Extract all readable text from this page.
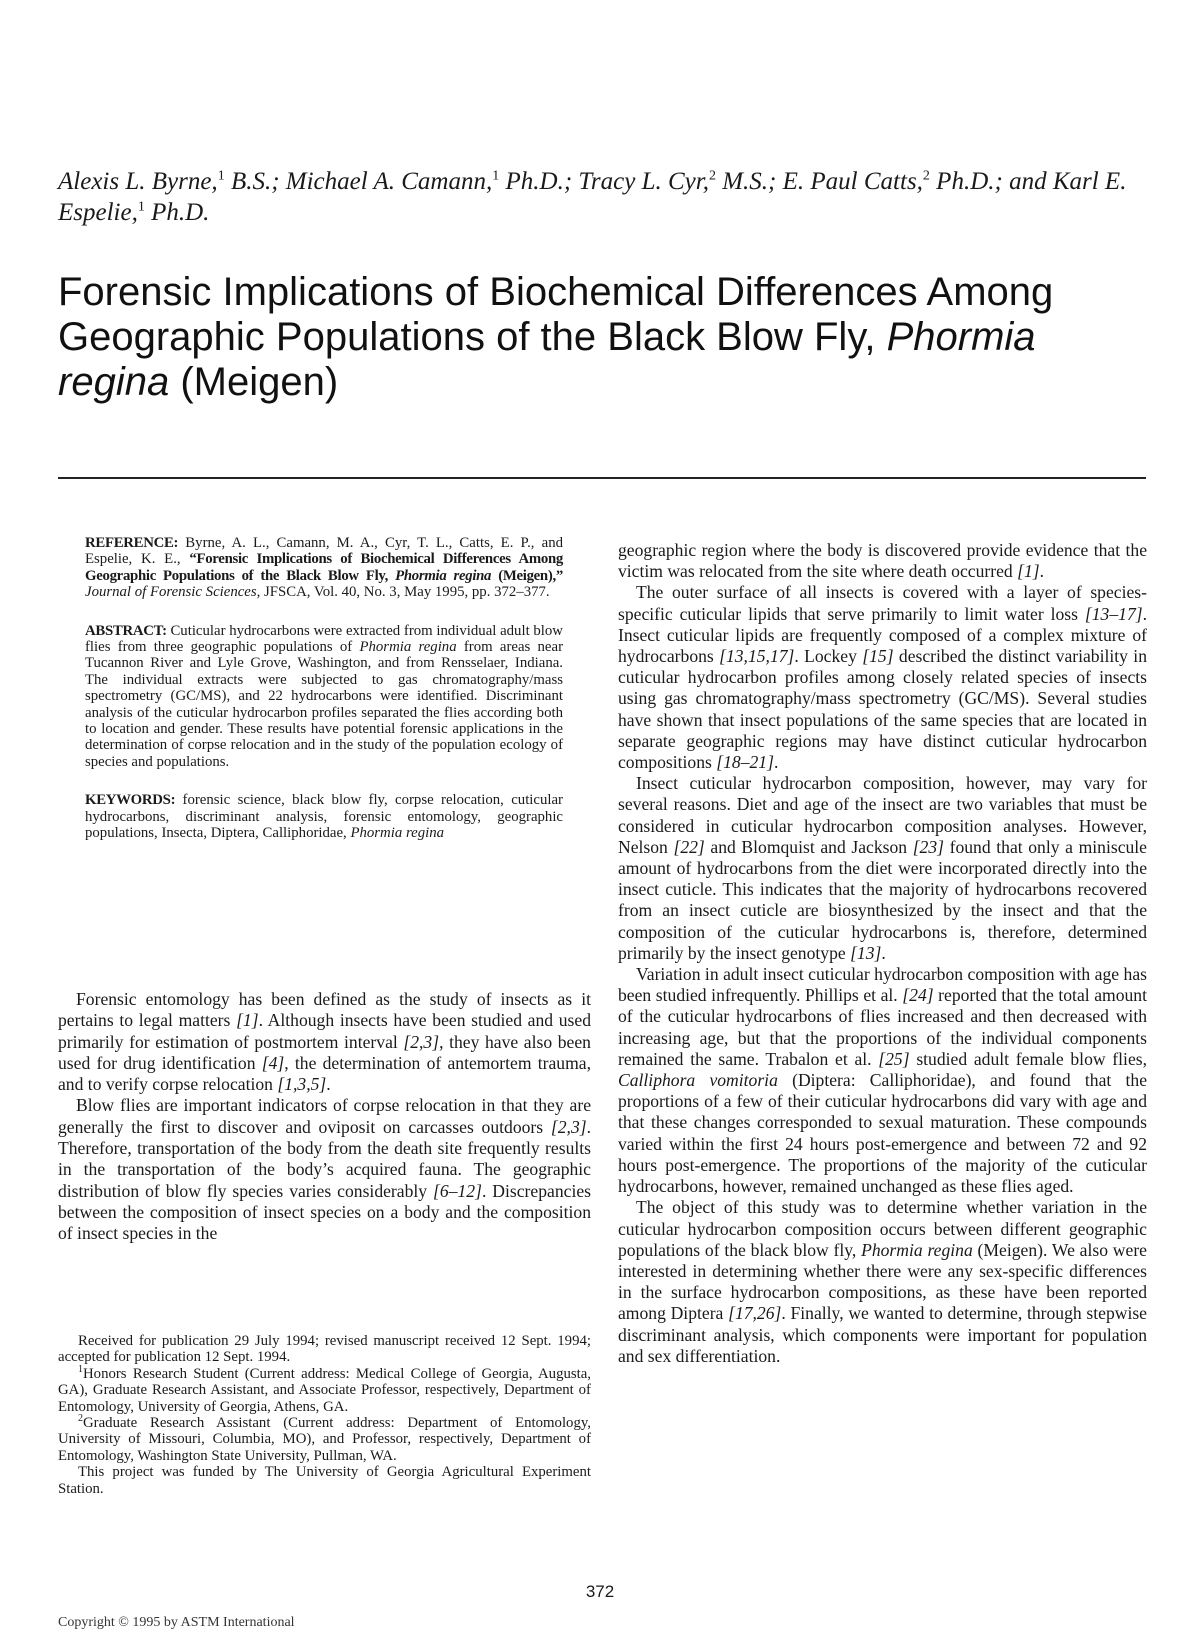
Alexis L. Byrne,$^1$ B.S.; Michael A. Camann,$^1$ Ph.D.; Tracy L. Cyr,$^2$ M.S.; E. Paul Catts,$^2$ Ph.D.; and Karl E. Espelie,$^1$ Ph.D.

Forensic Implications of Biochemical Differences Among Geographic Populations of the Black Blow Fly, Phormia regina (Meigen)

REFERENCE: Byrne, A. L., Camann, M. A., Cyr, T. L., Catts, E. P., and Espelie, K. E., “Forensic Implications of Biochemical Differences Among Geographic Populations of the Black Blow Fly, Phormia regina (Meigen),” Journal of Forensic Sciences, JFSCA, Vol. 40, No. 3, May 1995, pp. 372–377.

ABSTRACT: Cuticular hydrocarbons were extracted from individual adult blow flies from three geographic populations of Phormia regina from areas near Tucannon River and Lyle Grove, Washington, and from Rensselaer, Indiana. The individual extracts were subjected to gas chromatography/mass spectrometry (GC/MS), and 22 hydrocarbons were identified. Discriminant analysis of the cuticular hydrocarbon profiles separated the flies according both to location and gender. These results have potential forensic applications in the determination of corpse relocation and in the study of the population ecology of species and populations.

KEYWORDS: forensic science, black blow fly, corpse relocation, cuticular hydrocarbons, discriminant analysis, forensic entomology, geographic populations, Insecta, Diptera, Calliphoridae, Phormia regina

Forensic entomology has been defined as the study of insects as it pertains to legal matters [1]. Although insects have been studied and used primarily for estimation of postmortem interval [2,3], they have also been used for drug identification [4], the determination of antemortem trauma, and to verify corpse relocation [1,3,5].

Blow flies are important indicators of corpse relocation in that they are generally the first to discover and oviposit on carcasses outdoors [2,3]. Therefore, transportation of the body from the death site frequently results in the transportation of the body’s acquired fauna. The geographic distribution of blow fly species varies considerably [6–12]. Discrepancies between the composition of insect species on a body and the composition of insect species in the

Received for publication 29 July 1994; revised manuscript received 12 Sept. 1994; accepted for publication 12 Sept. 1994.

$^1$Honors Research Student (Current address: Medical College of Georgia, Augusta, GA), Graduate Research Assistant, and Associate Professor, respectively, Department of Entomology, University of Georgia, Athens, GA.

$^2$Graduate Research Assistant (Current address: Department of Entomology, University of Missouri, Columbia, MO), and Professor, respectively, Department of Entomology, Washington State University, Pullman, WA.

This project was funded by The University of Georgia Agricultural Experiment Station.

geographic region where the body is discovered provide evidence that the victim was relocated from the site where death occurred [1].

The outer surface of all insects is covered with a layer of species-specific cuticular lipids that serve primarily to limit water loss [13–17]. Insect cuticular lipids are frequently composed of a complex mixture of hydrocarbons [13,15,17]. Lockey [15] described the distinct variability in cuticular hydrocarbon profiles among closely related species of insects using gas chromatography/mass spectrometry (GC/MS). Several studies have shown that insect populations of the same species that are located in separate geographic regions may have distinct cuticular hydrocarbon compositions [18–21].

Insect cuticular hydrocarbon composition, however, may vary for several reasons. Diet and age of the insect are two variables that must be considered in cuticular hydrocarbon composition analyses. However, Nelson [22] and Blomquist and Jackson [23] found that only a miniscule amount of hydrocarbons from the diet were incorporated directly into the insect cuticle. This indicates that the majority of hydrocarbons recovered from an insect cuticle are biosynthesized by the insect and that the composition of the cuticular hydrocarbons is, therefore, determined primarily by the insect genotype [13].

Variation in adult insect cuticular hydrocarbon composition with age has been studied infrequently. Phillips et al. [24] reported that the total amount of the cuticular hydrocarbons of flies increased and then decreased with increasing age, but that the proportions of the individual components remained the same. Trabalon et al. [25] studied adult female blow flies, Calliphora vomitoria (Diptera: Calliphoridae), and found that the proportions of a few of their cuticular hydrocarbons did vary with age and that these changes corresponded to sexual maturation. These compounds varied within the first 24 hours post-emergence and between 72 and 92 hours post-emergence. The proportions of the majority of the cuticular hydrocarbons, however, remained unchanged as these flies aged.

The object of this study was to determine whether variation in the cuticular hydrocarbon composition occurs between different geographic populations of the black blow fly, Phormia regina (Meigen). We also were interested in determining whether there were any sex-specific differences in the surface hydrocarbon compositions, as these have been reported among Diptera [17,26]. Finally, we wanted to determine, through stepwise discriminant analysis, which components were important for population and sex differentiation.

372

Copyright © 1995 by ASTM International
